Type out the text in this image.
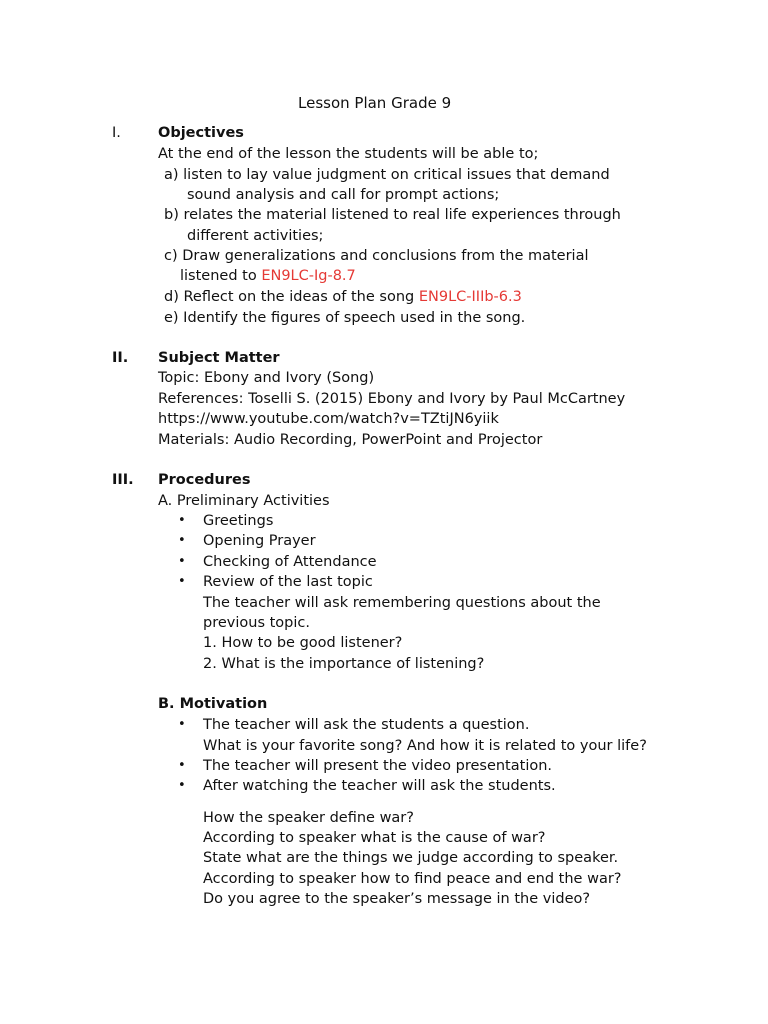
Lesson Plan Grade 9
I.	Objectives
At the end of the lesson the students will be able to;
a) listen to lay value judgment on critical issues that demand
sound analysis and call for prompt actions;
b) relates the material listened to real life experiences through
different activities;
c) Draw generalizations and conclusions from the material
listened to EN9LC-Ig-8.7
d) Reflect on the ideas of the song EN9LC-IIIb-6.3
e) Identify the figures of speech used in the song.
II. Subject Matter
Topic: Ebony and Ivory (Song)
References: Toselli S. (2015) Ebony and Ivory by Paul McCartney
https://www.youtube.com/watch?v=TZtiJN6yiik
Materials: Audio Recording, PowerPoint and Projector
III. Procedures
A. Preliminary Activities
• Greetings
• Opening Prayer
• Checking of Attendance
• Review of the last topic
The teacher will ask remembering questions about the
previous topic.
1. How to be good listener?
2. What is the importance of listening?
B. Motivation
• The teacher will ask the students a question.
What is your favorite song? And how it is related to your life?
• The teacher will present the video presentation.
• After watching the teacher will ask the students.
How the speaker define war?
According to speaker what is the cause of war?
State what are the things we judge according to speaker.
According to speaker how to find peace and end the war?
Do you agree to the speaker’s message in the video?
